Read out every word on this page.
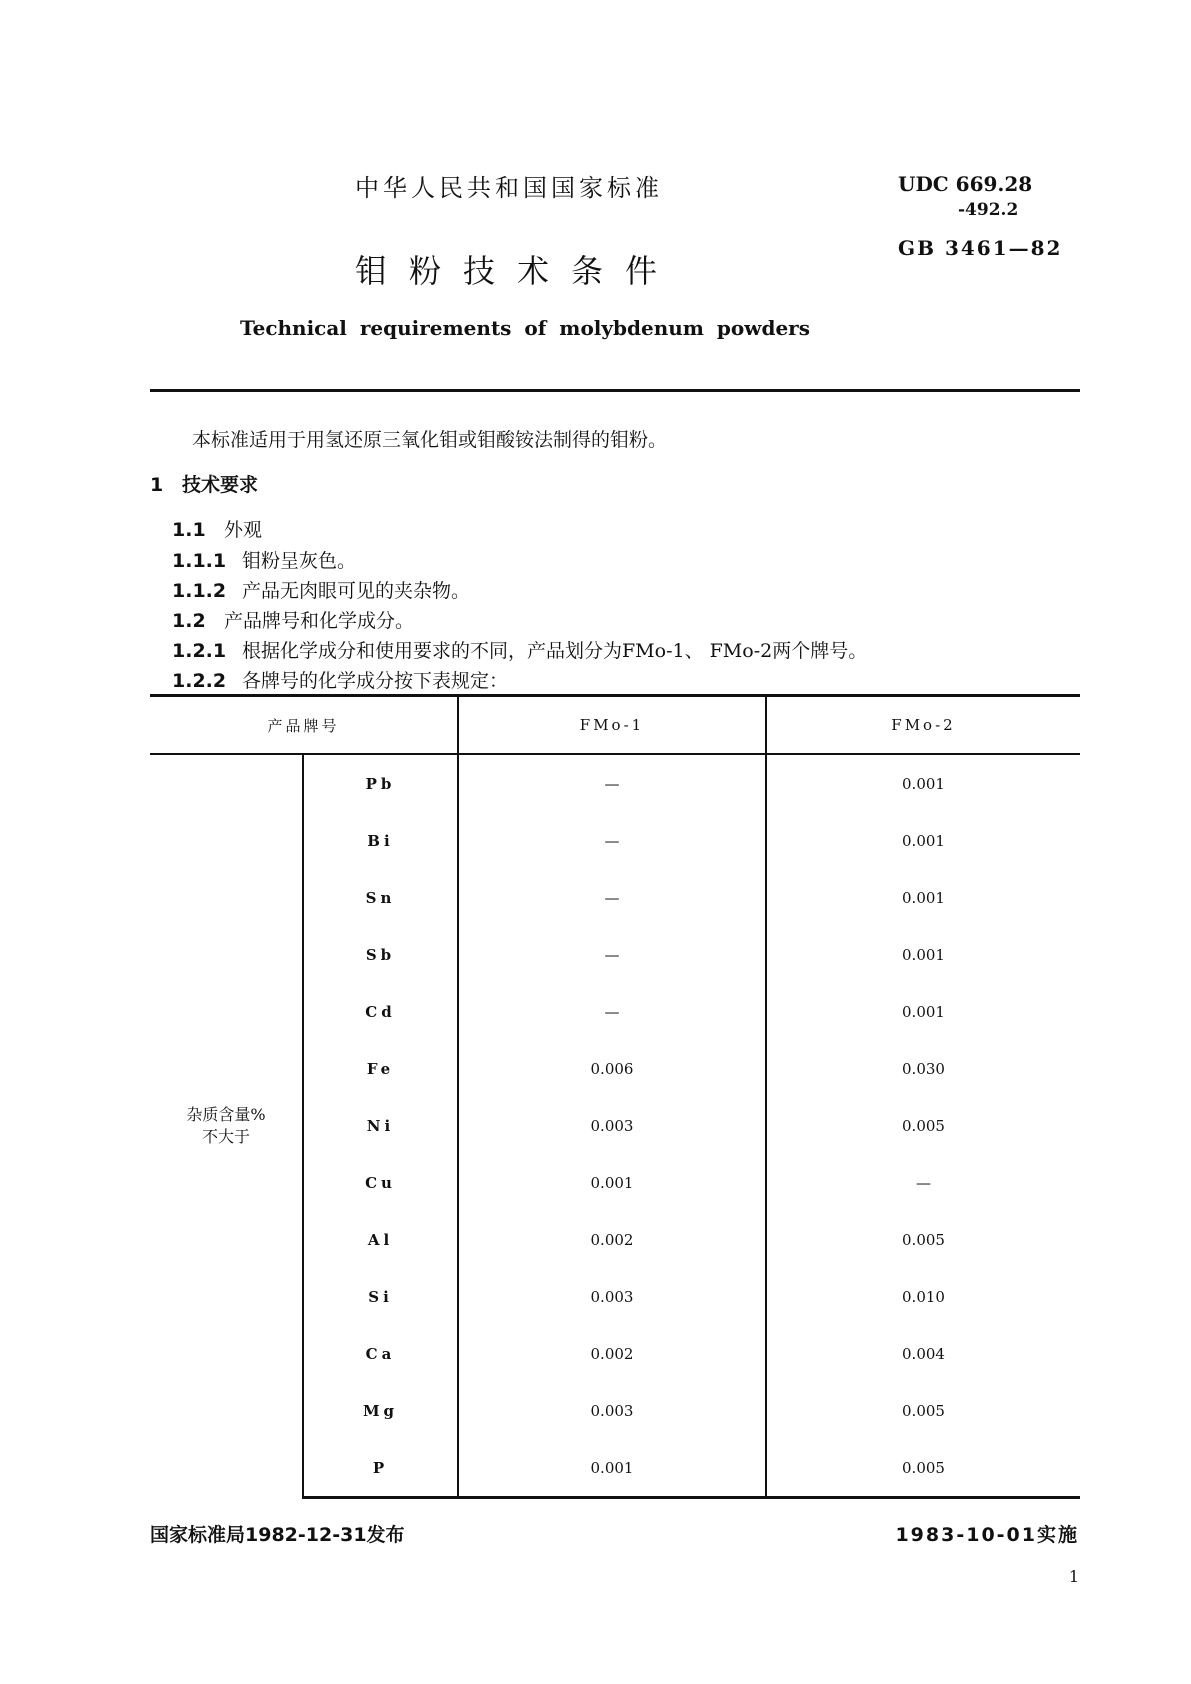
中华人民共和国国家标准
钼粉技术条件
Technical requirements of molybdenum powders
UDC 669.28
-492.2
GB 3461—82
本标准适用于用氢还原三氧化钼或钼酸铵法制得的钼粉。
1 技术要求
1.1 外观
1.1.1 钼粉呈灰色。
1.1.2 产品无肉眼可见的夹杂物。
1.2 产品牌号和化学成分。
1.2.1 根据化学成分和使用要求的不同，产品划分为FMo-1、 FMo-2两个牌号。
1.2.2 各牌号的化学成分按下表规定：
产品牌号		FMo-1	FMo-2

杂质含量%
不大于	Pb	—	0.001
	Bi	—	0.001
	Sn	—	0.001
	Sb	—	0.001
	Cd	—	0.001
	Fe	0.006	0.030
	Ni	0.003	0.005
	Cu	0.001	—
	Al	0.002	0.005
	Si	0.003	0.010
	Ca	0.002	0.004
	Mg	0.003	0.005
	P	0.001	0.005
国家标准局1982-12-31发布	1983-10-01实施
1
